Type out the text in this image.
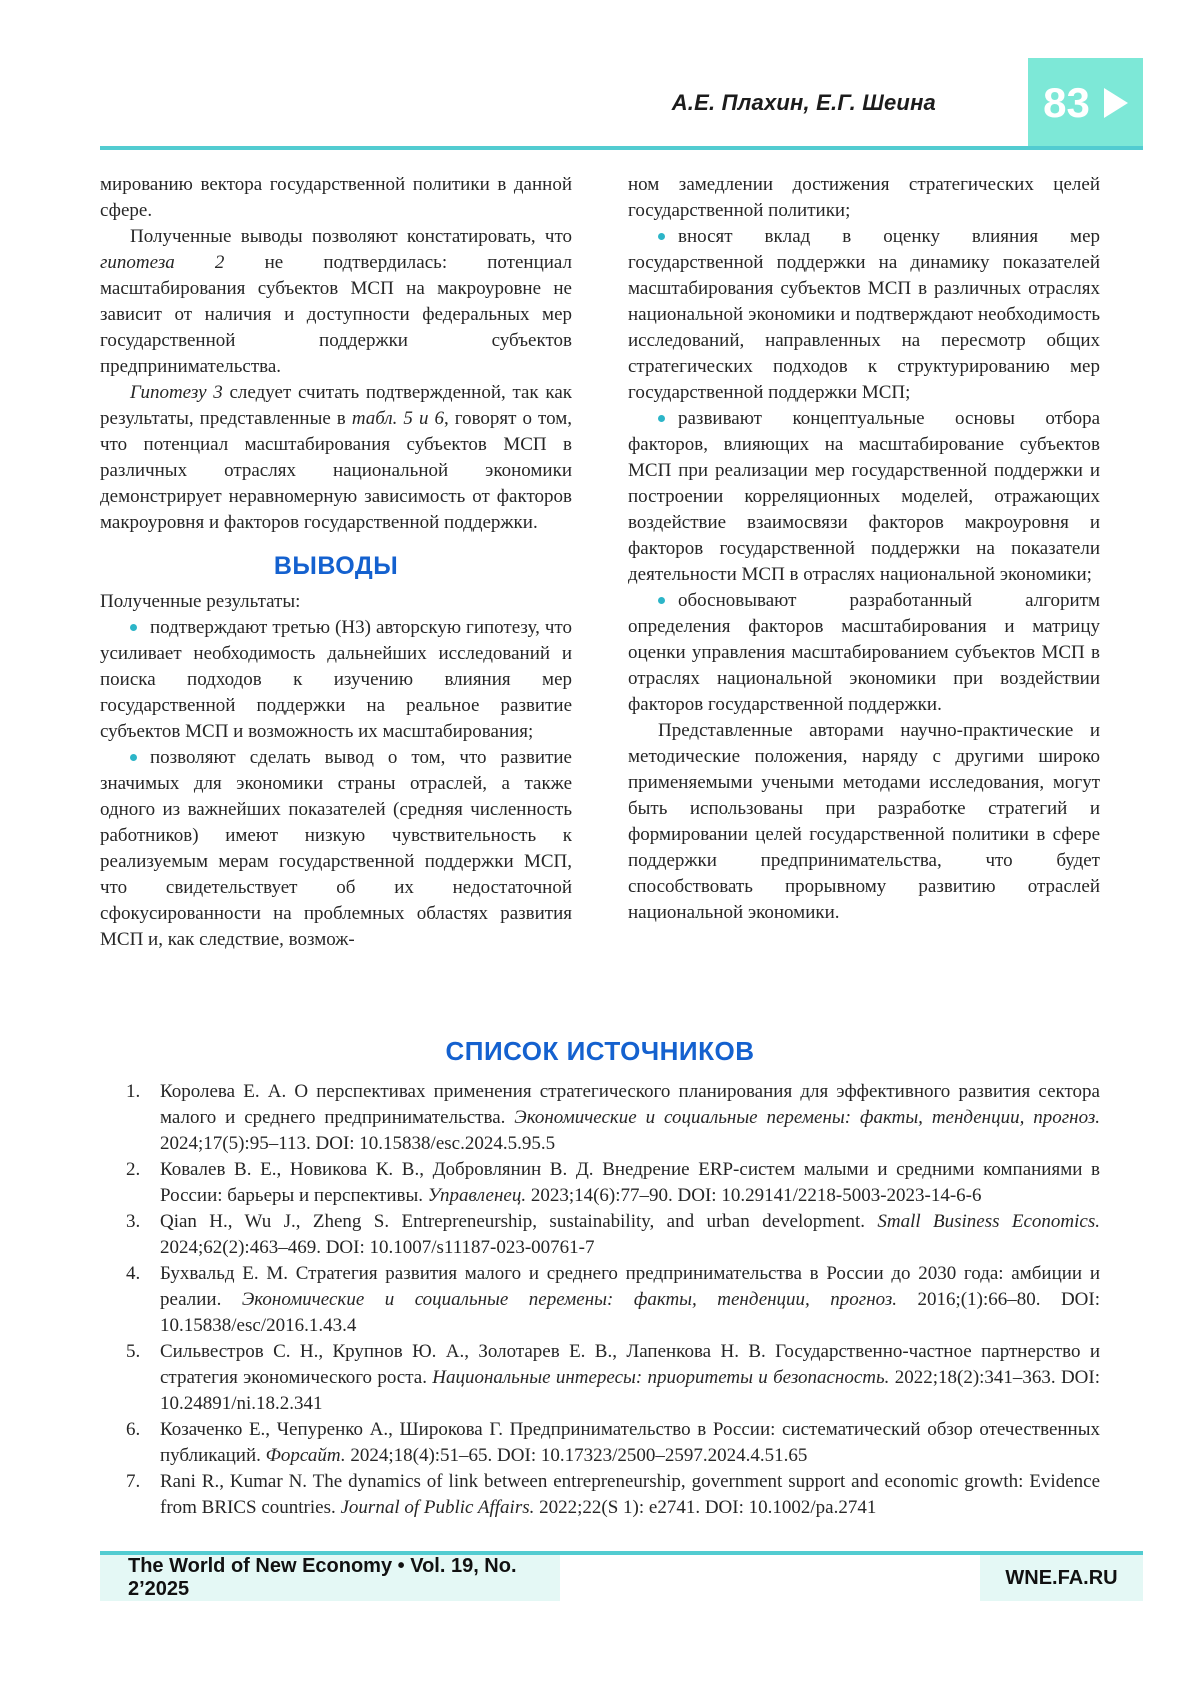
А.Е. Плахин, Е.Г. Шеина	83

мированию вектора государственной политики в данной сфере.

Полученные выводы позволяют констатировать, что гипотеза 2 не подтвердилась: потенциал масштабирования субъектов МСП на макроуровне не зависит от наличия и доступности федеральных мер государственной поддержки субъектов предпринимательства.

Гипотезу 3 следует считать подтвержденной, так как результаты, представленные в табл. 5 и 6, говорят о том, что потенциал масштабирования субъектов МСП в различных отраслях национальной экономики демонстрирует неравномерную зависимость от факторов макроуровня и факторов государственной поддержки.

ВЫВОДЫ

Полученные результаты:

подтверждают третью (Н3) авторскую гипотезу, что усиливает необходимость дальнейших исследований и поиска подходов к изучению влияния мер государственной поддержки на реальное развитие субъектов МСП и возможность их масштабирования;

позволяют сделать вывод о том, что развитие значимых для экономики страны отраслей, а также одного из важнейших показателей (средняя численность работников) имеют низкую чувствительность к реализуемым мерам государственной поддержки МСП, что свидетельствует об их недостаточной сфокусированности на проблемных областях развития МСП и, как следствие, возмож-

ном замедлении достижения стратегических целей государственной политики;

вносят вклад в оценку влияния мер государственной поддержки на динамику показателей масштабирования субъектов МСП в различных отраслях национальной экономики и подтверждают необходимость исследований, направленных на пересмотр общих стратегических подходов к структурированию мер государственной поддержки МСП;

развивают концептуальные основы отбора факторов, влияющих на масштабирование субъектов МСП при реализации мер государственной поддержки и построении корреляционных моделей, отражающих воздействие взаимосвязи факторов макроуровня и факторов государственной поддержки на показатели деятельности МСП в отраслях национальной экономики;

обосновывают разработанный алгоритм определения факторов масштабирования и матрицу оценки управления масштабированием субъектов МСП в отраслях национальной экономики при воздействии факторов государственной поддержки.

Представленные авторами научно-практические и методические положения, наряду с другими широко применяемыми учеными методами исследования, могут быть использованы при разработке стратегий и формировании целей государственной политики в сфере поддержки предпринимательства, что будет способствовать прорывному развитию отраслей национальной экономики.

СПИСОК ИСТОЧНИКОВ
1. Королева Е. А. О перспективах применения стратегического планирования для эффективного развития сектора малого и среднего предпринимательства. Экономические и социальные перемены: факты, тенденции, прогноз. 2024;17(5):95–113. DOI: 10.15838/esc.2024.5.95.5
2. Ковалев В. Е., Новикова К. В., Добровлянин В. Д. Внедрение ERP-систем малыми и средними компаниями в России: барьеры и перспективы. Управленец. 2023;14(6):77–90. DOI: 10.29141/2218-5003-2023-14-6-6
3. Qian H., Wu J., Zheng S. Entrepreneurship, sustainability, and urban development. Small Business Economics. 2024;62(2):463–469. DOI: 10.1007/s11187-023-00761-7
4. Бухвальд Е. М. Стратегия развития малого и среднего предпринимательства в России до 2030 года: амбиции и реалии. Экономические и социальные перемены: факты, тенденции, прогноз. 2016;(1):66–80. DOI: 10.15838/esc/2016.1.43.4
5. Сильвестров С. Н., Крупнов Ю. А., Золотарев Е. В., Лапенкова Н. В. Государственно-частное партнерство и стратегия экономического роста. Национальные интересы: приоритеты и безопасность. 2022;18(2):341–363. DOI: 10.24891/ni.18.2.341
6. Козаченко Е., Чепуренко А., Широкова Г. Предпринимательство в России: систематический обзор отечественных публикаций. Форсайт. 2024;18(4):51–65. DOI: 10.17323/2500–2597.2024.4.51.65
7. Rani R., Kumar N. The dynamics of link between entrepreneurship, government support and economic growth: Evidence from BRICS countries. Journal of Public Affairs. 2022;22(S 1): e2741. DOI: 10.1002/pa.2741
The World of New Economy • Vol. 19, No. 2’2025
WNE.FA.RU
